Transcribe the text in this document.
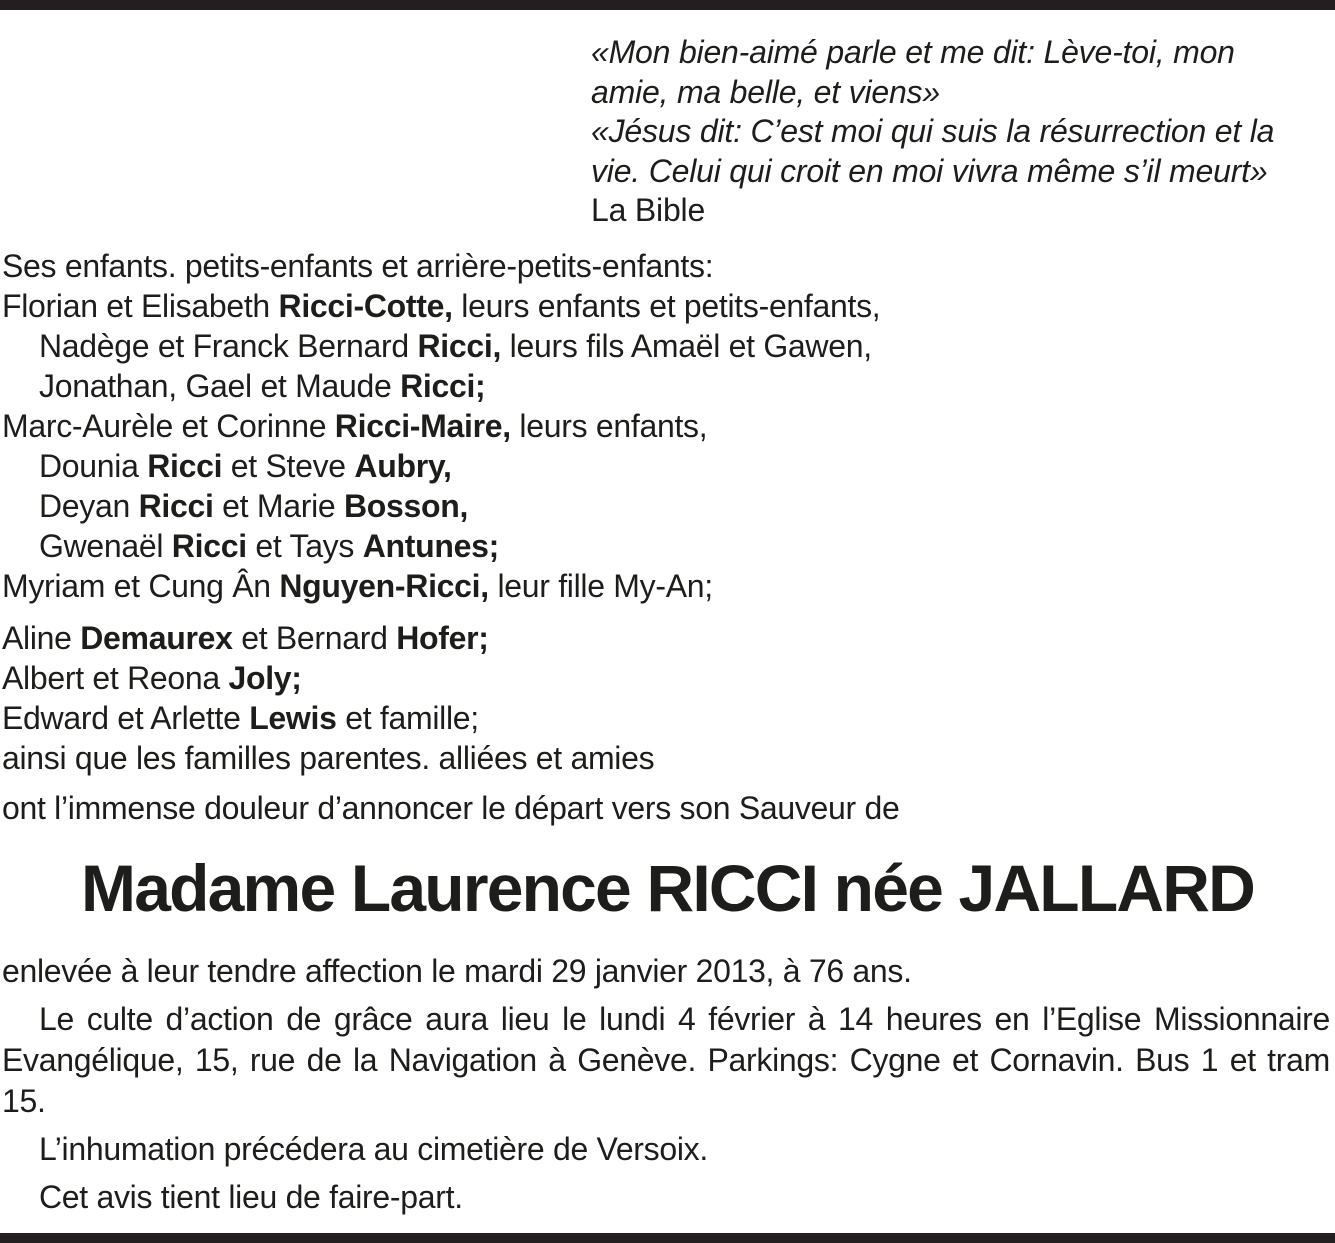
«Mon bien-aimé parle et me dit: Lève-toi, mon
amie, ma belle, et viens»
«Jésus dit: C’est moi qui suis la résurrection et la
vie. Celui qui croit en moi vivra même s’il meurt»
La Bible
Ses enfants. petits-enfants et arrière-petits-enfants:
Florian et Elisabeth Ricci-Cotte, leurs enfants et petits-enfants,
Nadège et Franck Bernard Ricci, leurs fils Amaël et Gawen,
Jonathan, Gael et Maude Ricci;
Marc-Aurèle et Corinne Ricci-Maire, leurs enfants,
Dounia Ricci et Steve Aubry,
Deyan Ricci et Marie Bosson,
Gwenaël Ricci et Tays Antunes;
Myriam et Cung Ân Nguyen-Ricci, leur fille My-An;
Aline Demaurex et Bernard Hofer;
Albert et Reona Joly;
Edward et Arlette Lewis et famille;
ainsi que les familles parentes. alliées et amies
ont l’immense douleur d’annoncer le départ vers son Sauveur de
Madame Laurence RICCI née JALLARD

enlevée à leur tendre affection le mardi 29 janvier 2013, à 76 ans.

Le culte d’action de grâce aura lieu le lundi 4 février à 14 heures en l’Eglise Missionnaire Evangélique, 15, rue de la Navigation à Genève. Parkings: Cygne et Cornavin. Bus 1 et tram 15.

L’inhumation précédera au cimetière de Versoix.

Cet avis tient lieu de faire-part.
